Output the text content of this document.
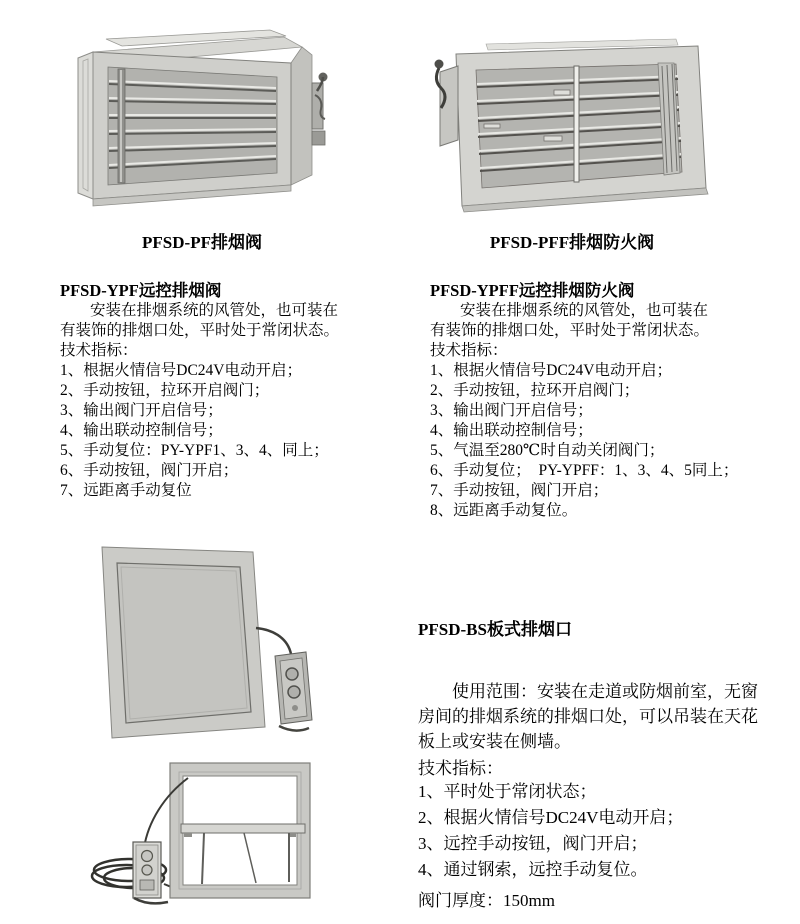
PFSD-PF排烟阀	PFSD-PFF排烟防火阀
PFSD-YPF远控排烟阀
安装在排烟系统的风管处，也可装在
有装饰的排烟口处，平时处于常闭状态。
技术指标：
1、根据火情信号DC24V电动开启；
2、手动按钮，拉环开启阀门；
3、输出阀门开启信号；
4、输出联动控制信号；
5、手动复位：PY-YPF1、3、4、同上；
6、手动按钮，阀门开启；
7、远距离手动复位
PFSD-YPFF远控排烟防火阀
安装在排烟系统的风管处，也可装在
有装饰的排烟口处，平时处于常闭状态。
技术指标：
1、根据火情信号DC24V电动开启；
2、手动按钮，拉环开启阀门；
3、输出阀门开启信号；
4、输出联动控制信号；
5、气温至280℃时自动关闭阀门；
6、手动复位；  PY-YPFF：1、3、4、5同上；
7、手动按钮，阀门开启；
8、远距离手动复位。
PFSD-BS板式排烟口
使用范围：安装在走道或防烟前室，无窗
房间的排烟系统的排烟口处，可以吊装在天花
板上或安装在侧墙。
技术指标：
1、平时处于常闭状态；
2、根据火情信号DC24V电动开启；
3、远控手动按钮，阀门开启；
4、通过钢索，远控手动复位。
阀门厚度：150mm
